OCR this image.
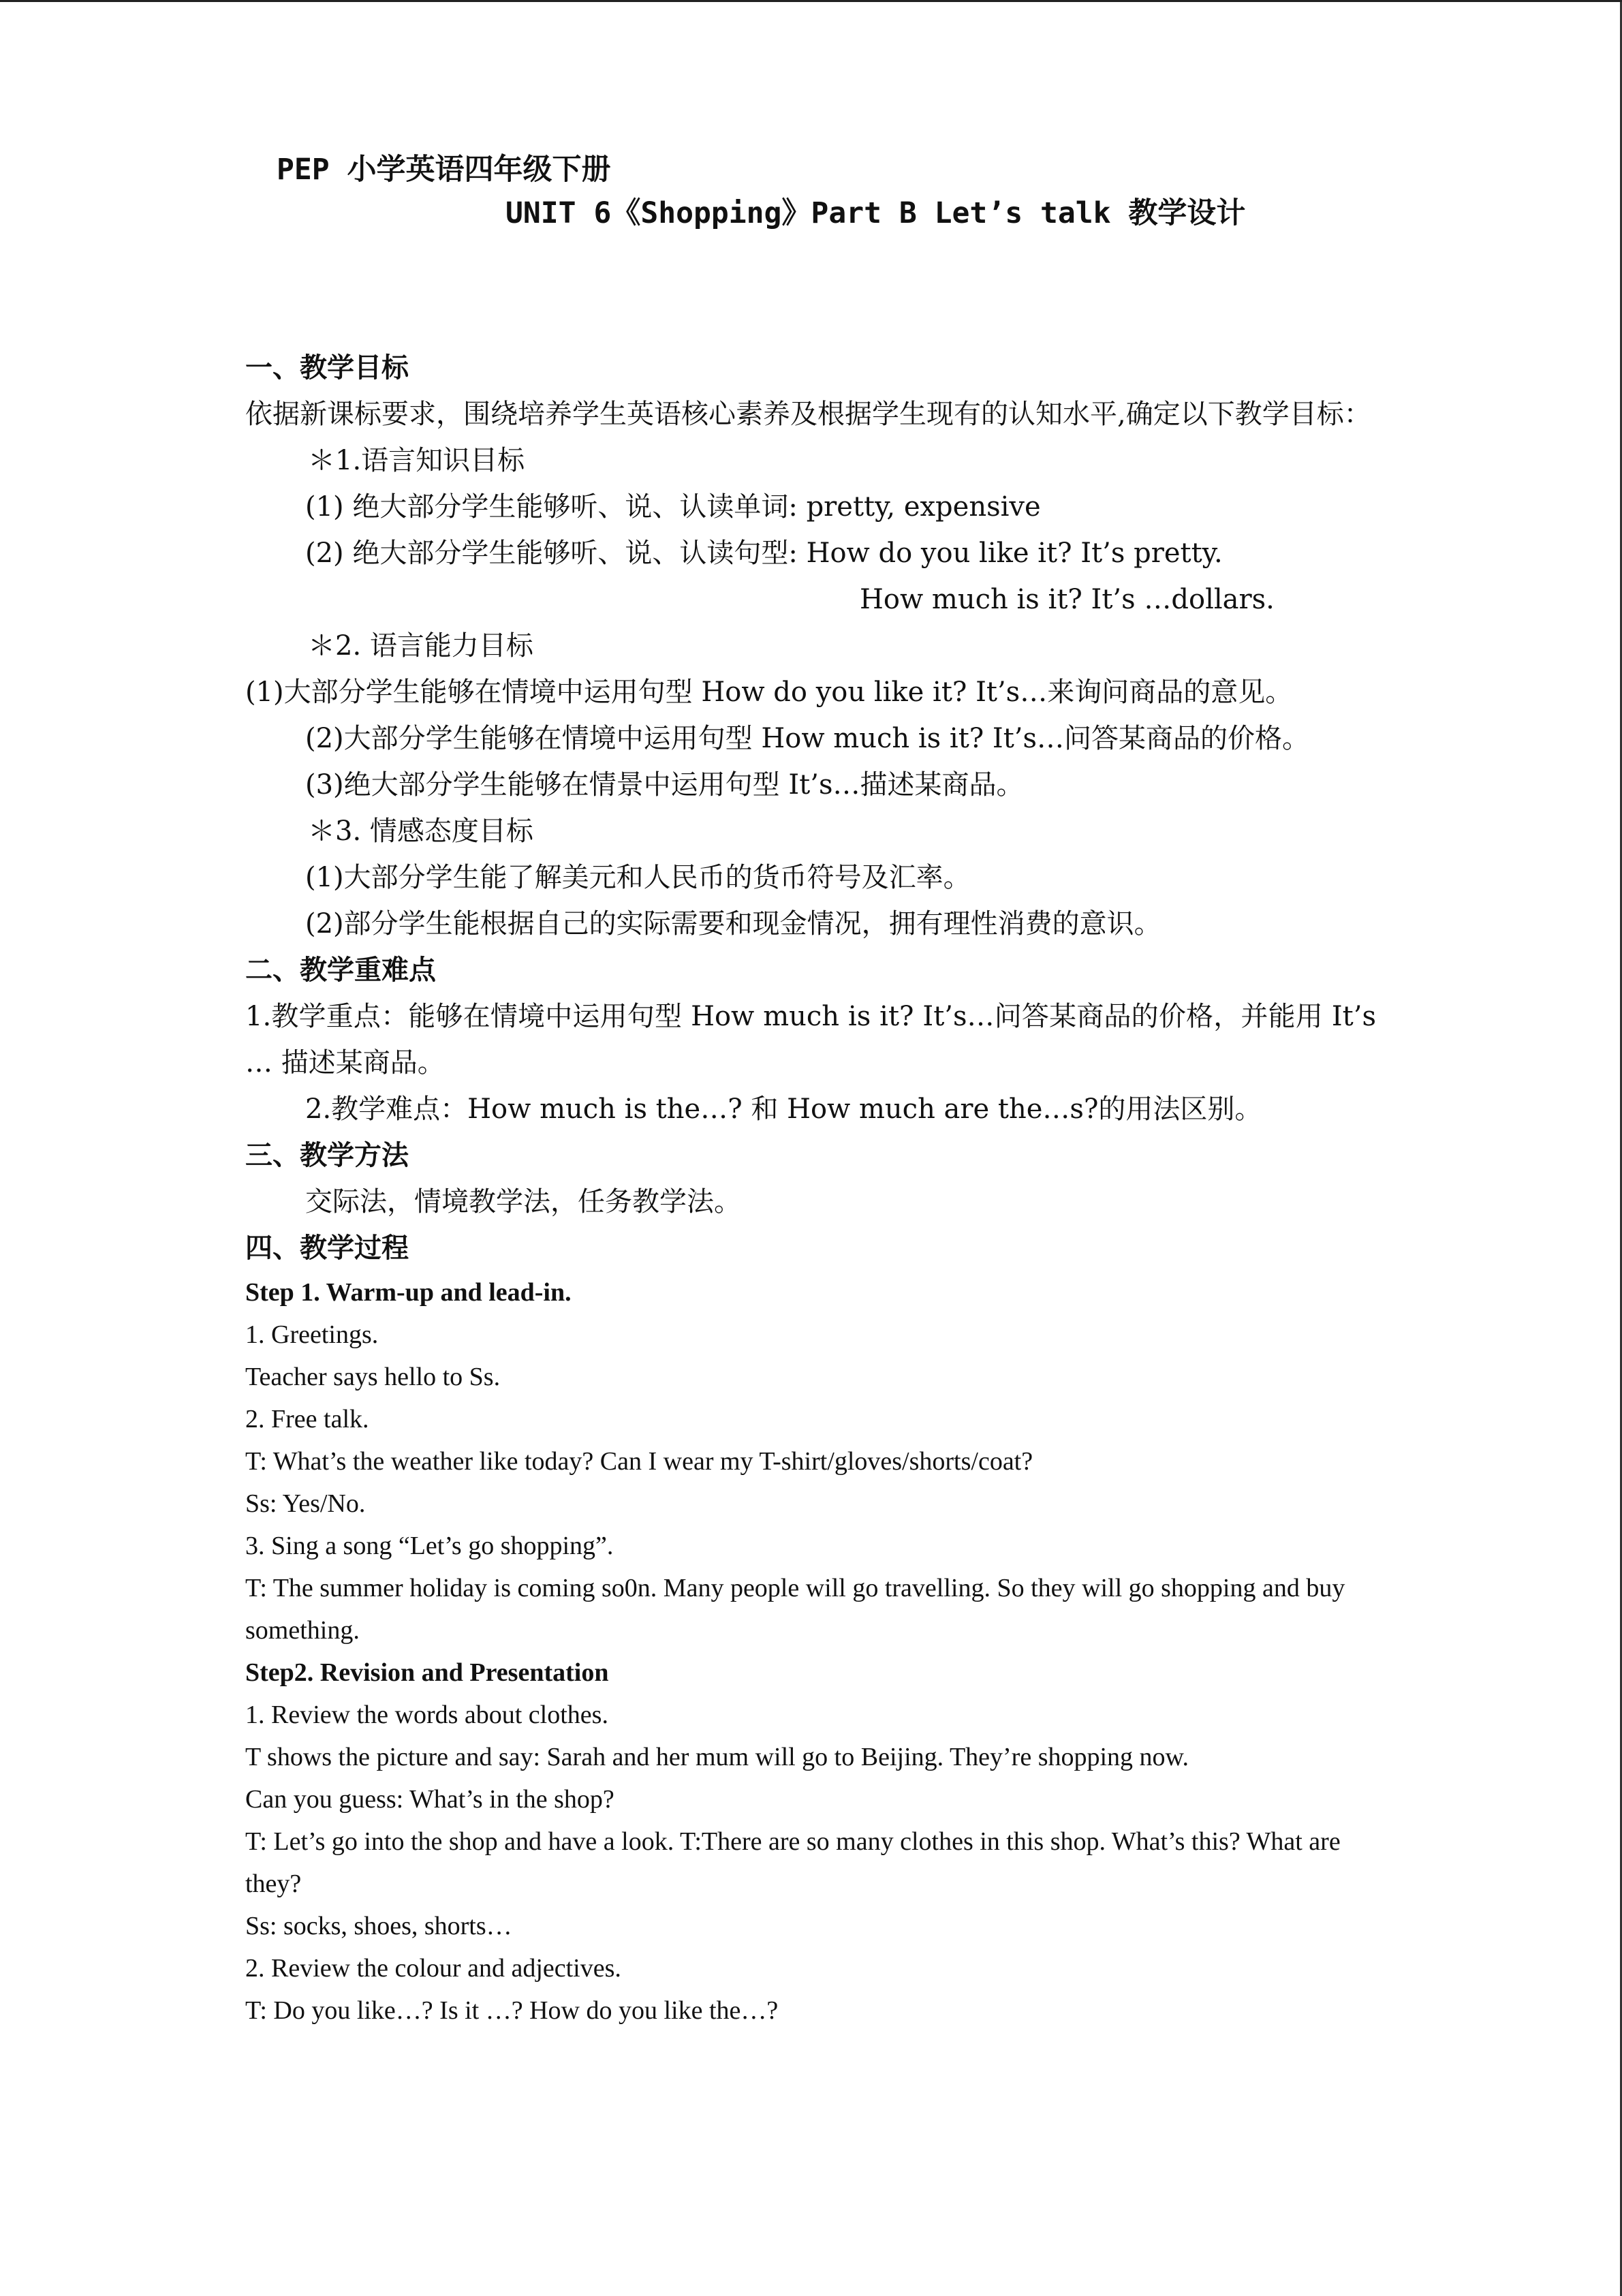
PEP 小学英语四年级下册
UNIT 6《Shopping》Part B Let’s talk 教学设计
一、教学目标

依据新课标要求，围绕培养学生英语核心素养及根据学生现有的认知水平,确定以下教学目标：

＊1.语言知识目标

(1) 绝大部分学生能够听、说、认读单词: pretty, expensive

(2) 绝大部分学生能够听、说、认读句型: How do you like it? It’s pretty.

How much is it? It’s …dollars.

＊2. 语言能力目标

(1)大部分学生能够在情境中运用句型 How do you like it? It’s…来询问商品的意见。

(2)大部分学生能够在情境中运用句型 How much is it? It’s…问答某商品的价格。

(3)绝大部分学生能够在情景中运用句型 It’s…描述某商品。

＊3. 情感态度目标

(1)大部分学生能了解美元和人民币的货币符号及汇率。

(2)部分学生能根据自己的实际需要和现金情况，拥有理性消费的意识。

二、教学重难点

1.教学重点：能够在情境中运用句型 How much is it? It’s…问答某商品的价格，并能用 It’s … 描述某商品。

2.教学难点：How much is the…? 和 How much are the…s?的用法区别。

三、教学方法

交际法，情境教学法，任务教学法。

四、教学过程

Step 1. Warm-up and lead-in.

1. Greetings.

Teacher says hello to Ss.

2. Free talk.

T: What’s the weather like today? Can I wear my T-shirt/gloves/shorts/coat?

Ss: Yes/No.

3. Sing a song “Let’s go shopping”.

T: The summer holiday is coming so0n. Many people will go travelling. So they will go shopping and buy something.

Step2. Revision and Presentation

1. Review the words about clothes.

T shows the picture and say: Sarah and her mum will go to Beijing. They’re shopping now.

Can you guess: What’s in the shop?

T: Let’s go into the shop and have a look. T:There are so many clothes in this shop. What’s this? What are they?

Ss: socks, shoes, shorts…

2. Review the colour and adjectives.

T: Do you like…? Is it …? How do you like the…?
